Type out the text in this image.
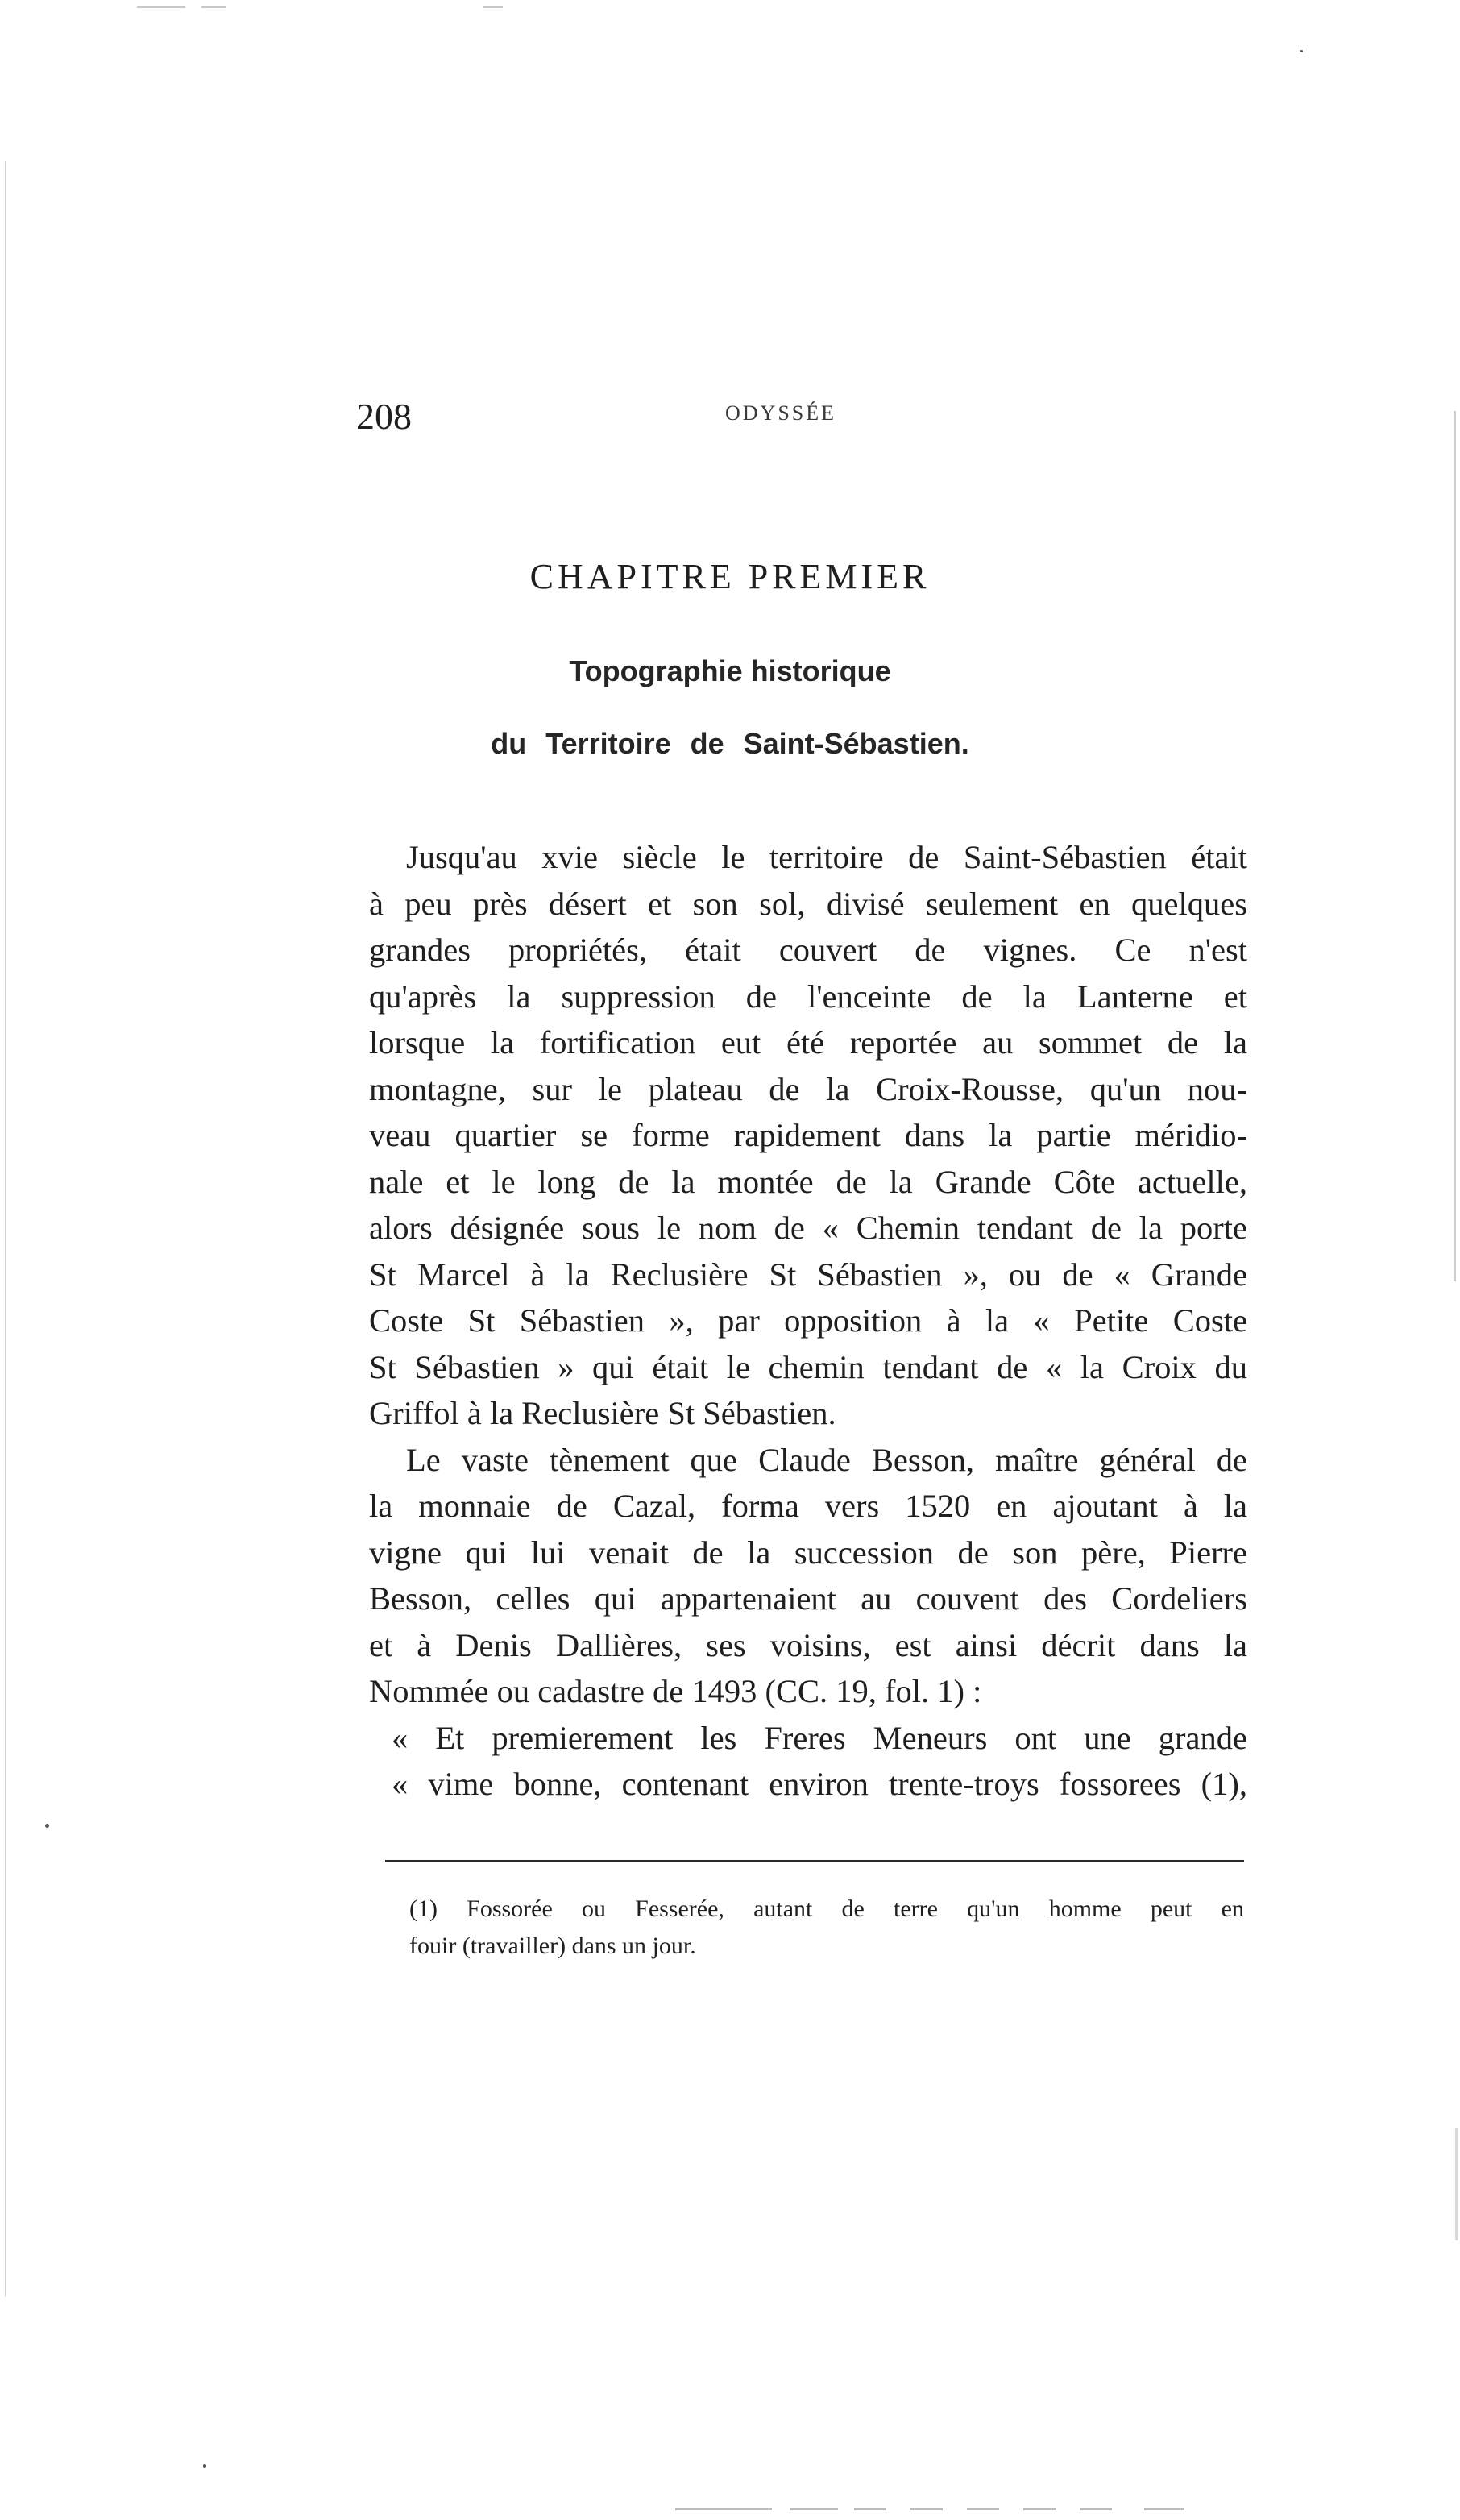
208	ODYSSÉE
CHAPITRE PREMIER
Topographie historique
du Territoire de Saint-Sébastien.
Jusqu'au xvie siècle le territoire de Saint-Sébastien était
à peu près désert et son sol, divisé seulement en quelques
grandes propriétés, était couvert de vignes. Ce n'est
qu'après la suppression de l'enceinte de la Lanterne et
lorsque la fortification eut été reportée au sommet de la
montagne, sur le plateau de la Croix-Rousse, qu'un nou-
veau quartier se forme rapidement dans la partie méridio-
nale et le long de la montée de la Grande Côte actuelle,
alors désignée sous le nom de « Chemin tendant de la porte
St Marcel à la Reclusière St Sébastien », ou de « Grande
Coste St Sébastien », par opposition à la « Petite Coste
St Sébastien » qui était le chemin tendant de « la Croix du
Griffol à la Reclusière St Sébastien.
Le vaste tènement que Claude Besson, maître général de
la monnaie de Cazal, forma vers 1520 en ajoutant à la
vigne qui lui venait de la succession de son père, Pierre
Besson, celles qui appartenaient au couvent des Cordeliers
et à Denis Dallières, ses voisins, est ainsi décrit dans la
Nommée ou cadastre de 1493 (CC. 19, fol. 1) :
« Et premierement les Freres Meneurs ont une grande
« vime bonne, contenant environ trente-troys fossorees (1),
(1) Fossorée ou Fesserée, autant de terre qu'un homme peut en
fouir (travailler) dans un jour.
